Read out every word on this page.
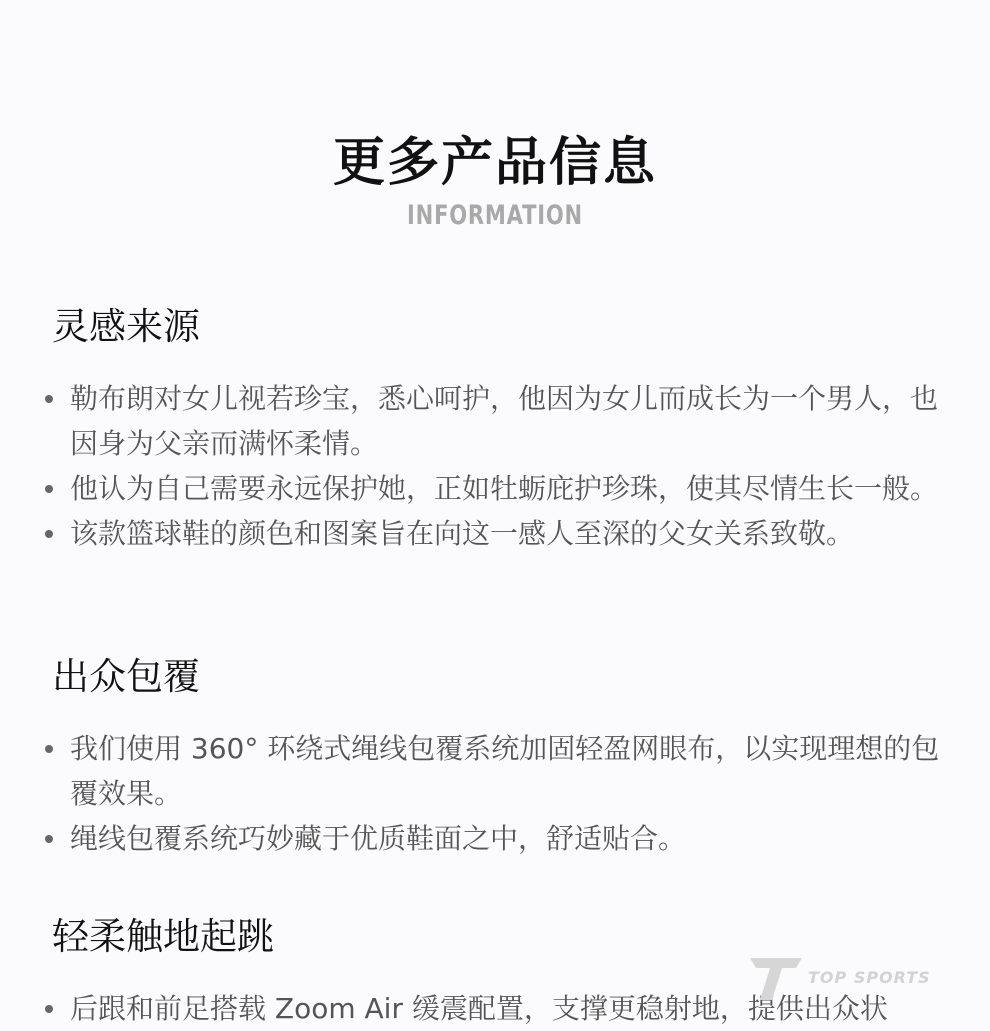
更多产品信息
INFORMATION
灵感来源
勒布朗对女儿视若珍宝，悉心呵护，他因为女儿而成长为一个男人，也因身为父亲而满怀柔情。
他认为自己需要永远保护她，正如牡蛎庇护珍珠，使其尽情生长一般。
该款篮球鞋的颜色和图案旨在向这一感人至深的父女关系致敬。
出众包覆
我们使用 360° 环绕式绳线包覆系统加固轻盈网眼布，以实现理想的包覆效果。
绳线包覆系统巧妙藏于优质鞋面之中，舒适贴合。
轻柔触地起跳
后跟和前足搭载 Zoom Air 缓震配置，支撑更稳射地，提供出众状
TOP SPORTS
